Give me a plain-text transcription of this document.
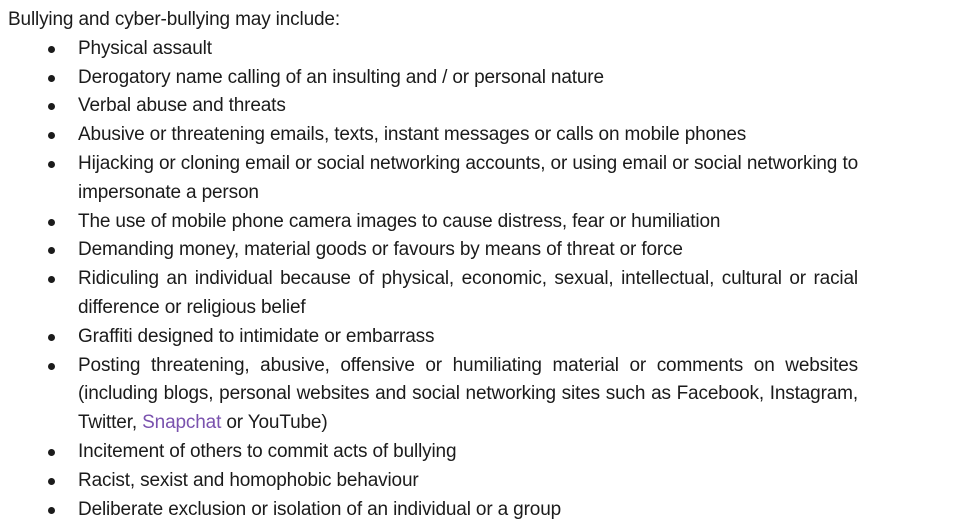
Bullying and cyber-bullying may include:
Physical assault
Derogatory name calling of an insulting and / or personal nature
Verbal abuse and threats
Abusive or threatening emails, texts, instant messages or calls on mobile phones
Hijacking or cloning email or social networking accounts, or using email or social networking to impersonate a person
The use of mobile phone camera images to cause distress, fear or humiliation
Demanding money, material goods or favours by means of threat or force
Ridiculing an individual because of physical, economic, sexual, intellectual, cultural or racial difference or religious belief
Graffiti designed to intimidate or embarrass
Posting threatening, abusive, offensive or humiliating material or comments on websites (including blogs, personal websites and social networking sites such as Facebook, Instagram, Twitter, Snapchat or YouTube)
Incitement of others to commit acts of bullying
Racist, sexist and homophobic behaviour
Deliberate exclusion or isolation of an individual or a group
